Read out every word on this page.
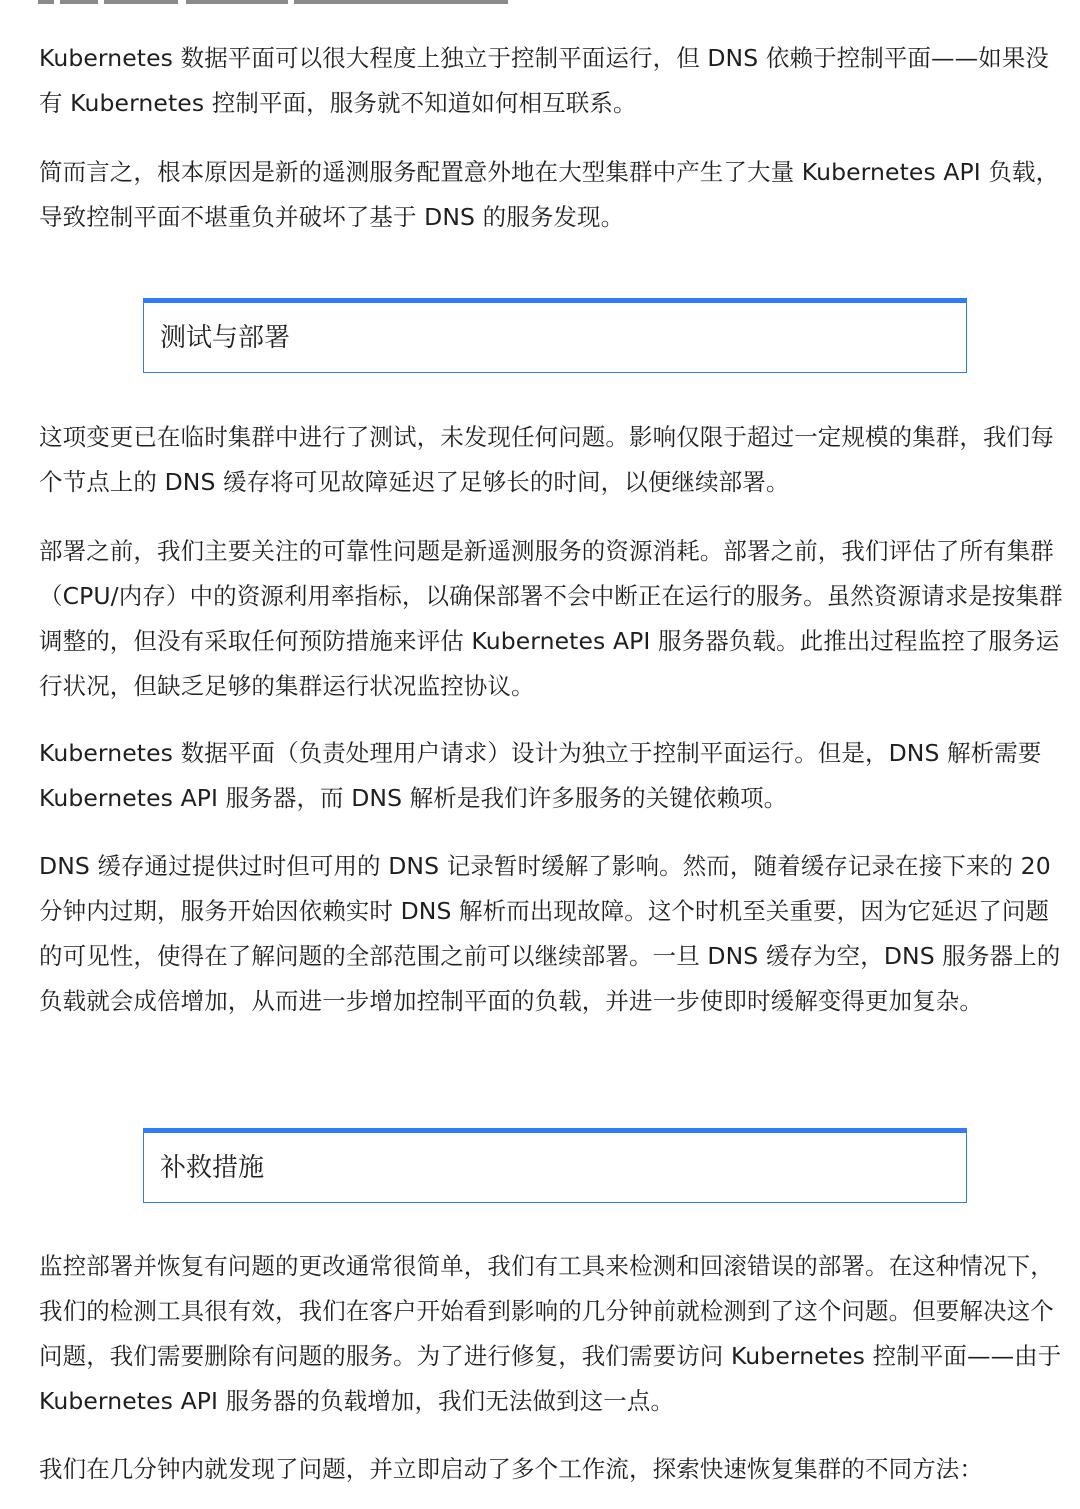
Kubernetes 数据平面可以很大程度上独立于控制平面运行，但 DNS 依赖于控制平面——如果没有 Kubernetes 控制平面，服务就不知道如何相互联系。

简而言之，根本原因是新的遥测服务配置意外地在大型集群中产生了大量 Kubernetes API 负载，导致控制平面不堪重负并破坏了基于 DNS 的服务发现。

测试与部署

这项变更已在临时集群中进行了测试，未发现任何问题。影响仅限于超过一定规模的集群，我们每个节点上的 DNS 缓存将可见故障延迟了足够长的时间，以便继续部署。

部署之前，我们主要关注的可靠性问题是新遥测服务的资源消耗。部署之前，我们评估了所有集群（CPU/内存）中的资源利用率指标，以确保部署不会中断正在运行的服务。虽然资源请求是按集群调整的，但没有采取任何预防措施来评估 Kubernetes API 服务器负载。此推出过程监控了服务运行状况，但缺乏足够的集群运行状况监控协议。

Kubernetes 数据平面（负责处理用户请求）设计为独立于控制平面运行。但是，DNS 解析需要 Kubernetes API 服务器，而 DNS 解析是我们许多服务的关键依赖项。

DNS 缓存通过提供过时但可用的 DNS 记录暂时缓解了影响。然而，随着缓存记录在接下来的 20 分钟内过期，服务开始因依赖实时 DNS 解析而出现故障。这个时机至关重要，因为它延迟了问题的可见性，使得在了解问题的全部范围之前可以继续部署。一旦 DNS 缓存为空，DNS 服务器上的负载就会成倍增加，从而进一步增加控制平面的负载，并进一步使即时缓解变得更加复杂。

补救措施

监控部署并恢复有问题的更改通常很简单，我们有工具来检测和回滚错误的部署。在这种情况下，我们的检测工具很有效，我们在客户开始看到影响的几分钟前就检测到了这个问题。但要解决这个问题，我们需要删除有问题的服务。为了进行修复，我们需要访问 Kubernetes 控制平面——由于 Kubernetes API 服务器的负载增加，我们无法做到这一点。

我们在几分钟内就发现了问题，并立即启动了多个工作流，探索快速恢复集群的不同方法：
